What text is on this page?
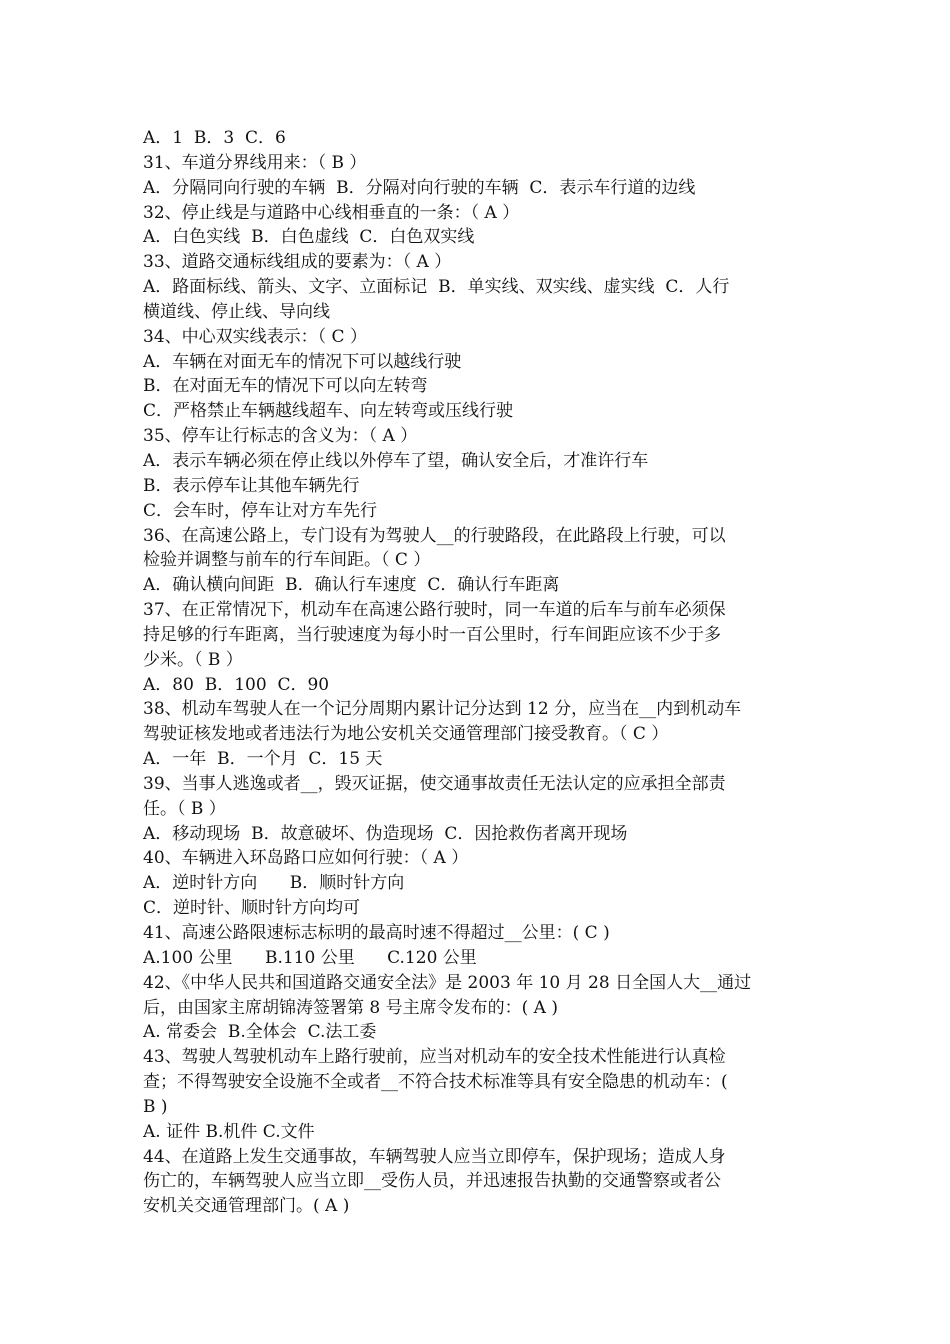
A．1  B．3  C．6
31、车道分界线用来：（ B ）
A．分隔同向行驶的车辆  B．分隔对向行驶的车辆  C．表示车行道的边线
32、停止线是与道路中心线相垂直的一条：（ A ）
A．白色实线  B．白色虚线  C．白色双实线
33、道路交通标线组成的要素为：（ A ）
A．路面标线、箭头、文字、立面标记  B．单实线、双实线、虚实线  C．人行
横道线、停止线、导向线
34、中心双实线表示：（ C ）
A．车辆在对面无车的情况下可以越线行驶
B．在对面无车的情况下可以向左转弯
C．严格禁止车辆越线超车、向左转弯或压线行驶
35、停车让行标志的含义为：（ A ）
A．表示车辆必须在停止线以外停车了望，确认安全后，才准许行车
B．表示停车让其他车辆先行
C．会车时，停车让对方车先行
36、在高速公路上，专门设有为驾驶人__的行驶路段，在此路段上行驶，可以
检验并调整与前车的行车间距。（ C ）
A．确认横向间距  B．确认行车速度  C．确认行车距离
37、在正常情况下，机动车在高速公路行驶时，同一车道的后车与前车必须保
持足够的行车距离，当行驶速度为每小时一百公里时，行车间距应该不少于多
少米。（ B ）
A．80  B．100  C．90
38、机动车驾驶人在一个记分周期内累计记分达到 12 分，应当在__内到机动车
驾驶证核发地或者违法行为地公安机关交通管理部门接受教育。（ C ）
A．一年  B．一个月  C．15 天
39、当事人逃逸或者__，毁灭证据，使交通事故责任无法认定的应承担全部责
任。（ B ）
A．移动现场  B．故意破坏、伪造现场  C．因抢救伤者离开现场
40、车辆进入环岛路口应如何行驶：（ A ）
A．逆时针方向      B．顺时针方向
C．逆时针、顺时针方向均可
41、高速公路限速标志标明的最高时速不得超过__公里：( C )
A.100 公里      B.110 公里      C.120 公里
42、《中华人民共和国道路交通安全法》是 2003 年 10 月 28 日全国人大__通过
后，由国家主席胡锦涛签署第 8 号主席令发布的：( A )
A. 常委会  B.全体会  C.法工委
43、驾驶人驾驶机动车上路行驶前，应当对机动车的安全技术性能进行认真检
查；不得驾驶安全设施不全或者__不符合技术标准等具有安全隐患的机动车：(
B )
A. 证件 B.机件 C.文件
44、在道路上发生交通事故，车辆驾驶人应当立即停车，保护现场；造成人身
伤亡的，车辆驾驶人应当立即__受伤人员，并迅速报告执勤的交通警察或者公
安机关交通管理部门。( A )
